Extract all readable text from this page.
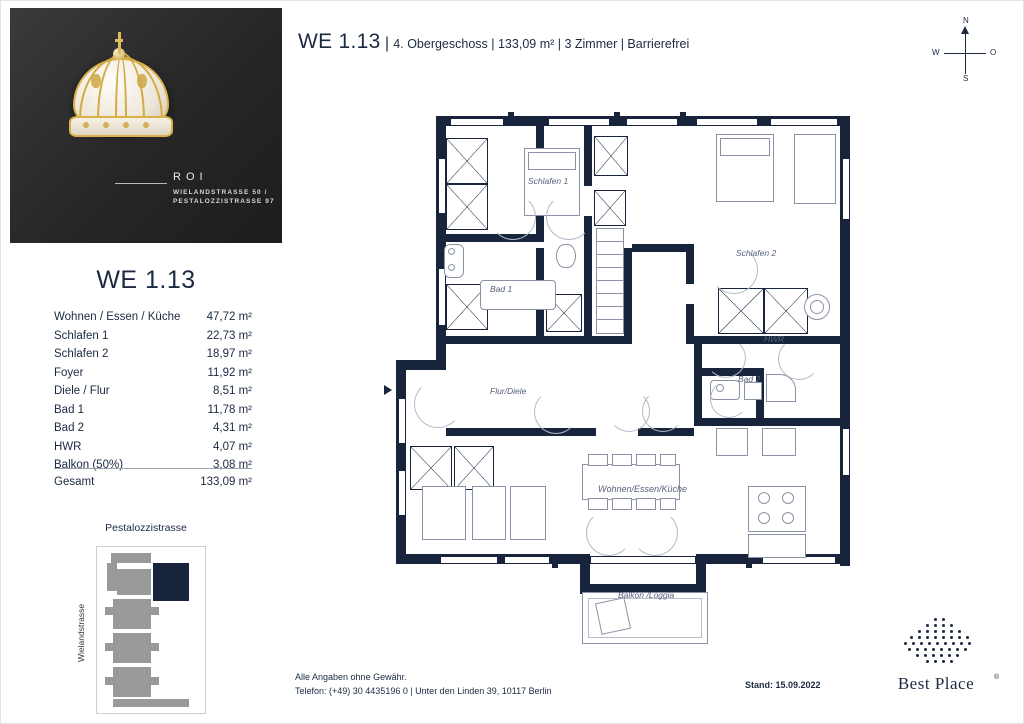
ROI
WIELANDSTRASSE 50 /
PESTALOZZISTRASSE 97
WE 1.13
Wohnen / Essen / Küche 47,72 m²
Schlafen 1	22,73 m²
Schlafen 2	18,97 m²
Foyer	11,92 m²
Diele / Flur	8,51 m²
Bad 1	11,78 m²
Bad 2	4,31 m²
HWR	4,07 m²
Balkon (50%)	3,08 m²
Gesamt	133,09 m²
Pestalozzistrasse
Wielandstrasse
WE 1.13 | 4. Obergeschoss | 133,09 m² | 3 Zimmer | Barrierefrei
N
S
W	O
Schlafen 1
Schlafen 2
Bad 1
Bad 2
HWR
Flur/Diele
Wohnen/Essen/Küche
Balkon /Loggia
Alle Angaben ohne Gewähr.
Telefon: (+49) 30 4435196 0 | Unter den Linden 39, 10117 Berlin
Stand: 15.09.2022	Best Place	®
